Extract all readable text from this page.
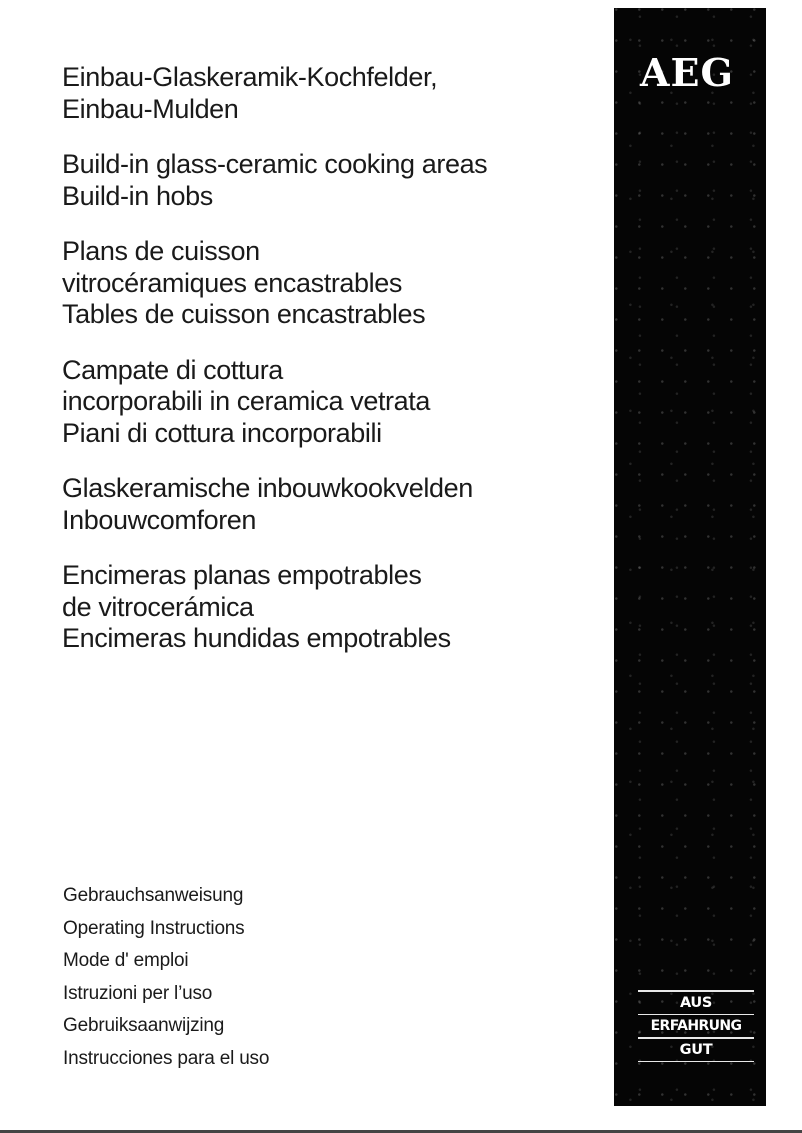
Einbau-Glaskeramik-Kochfelder,
Einbau-Mulden
Build-in glass-ceramic cooking areas
Build-in hobs
Plans de cuisson
vitrocéramiques encastrables
Tables de cuisson encastrables
Campate di cottura
incorporabili in ceramica vetrata
Piani di cottura incorporabili
Glaskeramische inbouwkookvelden
Inbouwcomforen
Encimeras planas empotrables
de vitrocerámica
Encimeras hundidas empotrables
Gebrauchsanweisung
Operating Instructions
Mode d' emploi
Istruzioni per l’uso
Gebruiksaanwijzing
Instrucciones para el uso
AEG
AUS
ERFAHRUNG
GUT
